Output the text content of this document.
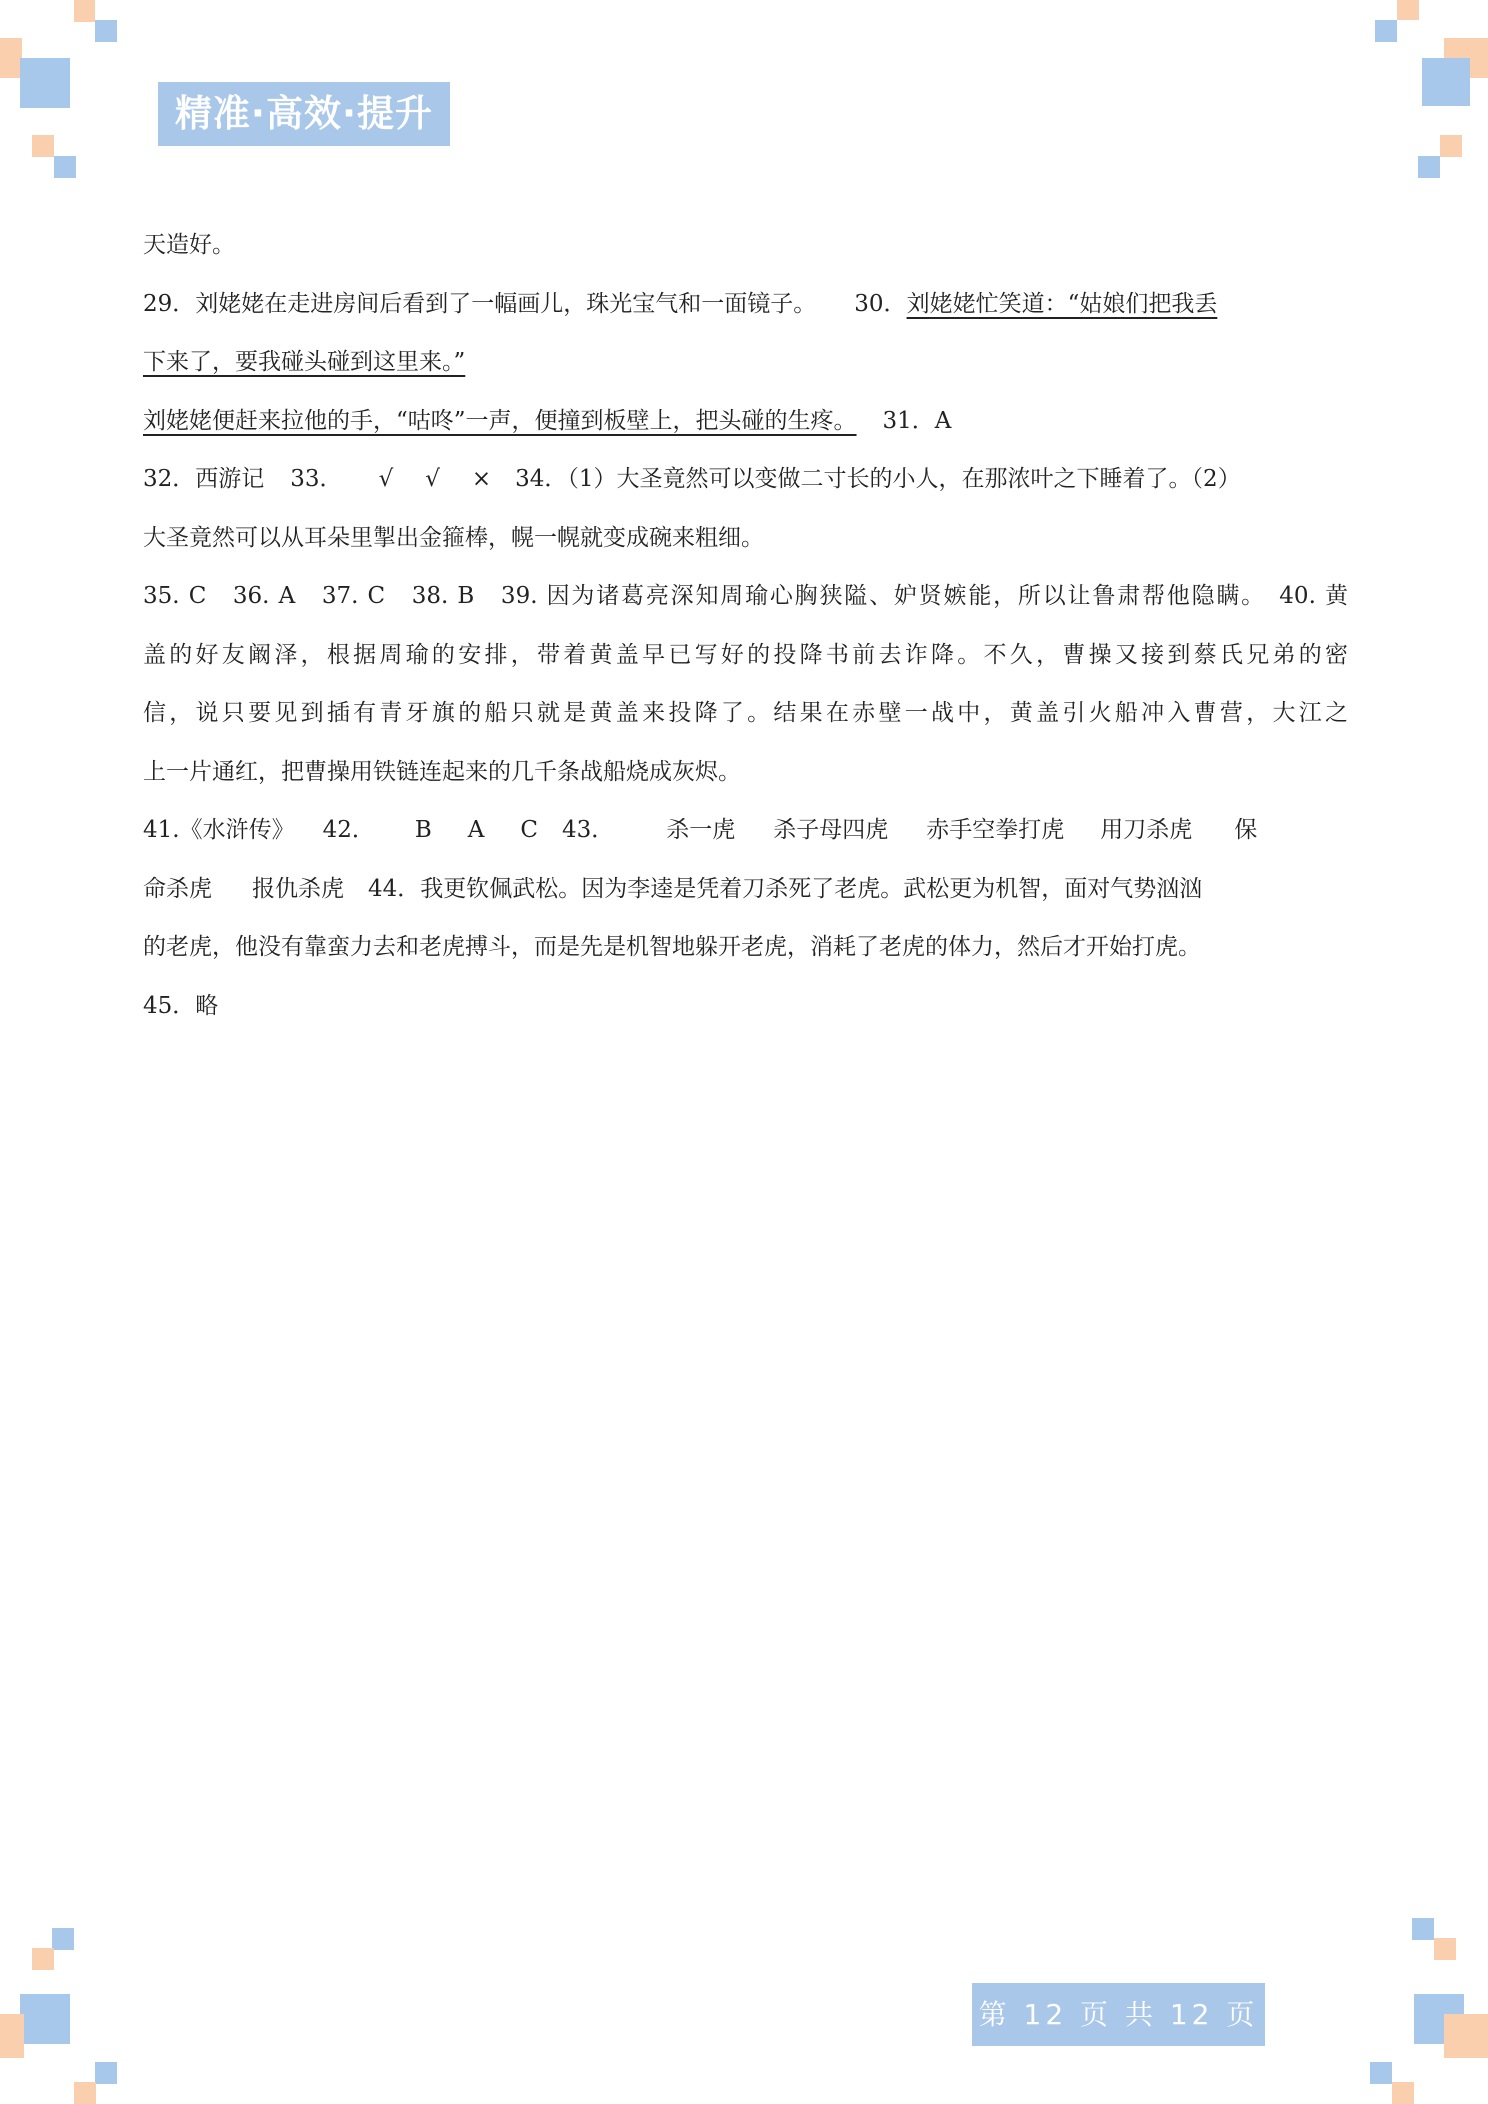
精准·高效·提升
天造好。
29．刘姥姥在走进房间后看到了一幅画儿，珠光宝气和一面镜子。 30．刘姥姥忙笑道：“姑娘们把我丢
下来了，要我碰头碰到这里来。”
刘姥姥便赶来拉他的手，“咕咚”一声，便撞到板壁上，把头碰的生疼。 31．A
32．西游记 33． √ √ × 34．（1）大圣竟然可以变做二寸长的小人，在那浓叶之下睡着了。（2）
大圣竟然可以从耳朵里掣出金箍棒，幌一幌就变成碗来粗细。
35. C　36. A　37. C　38. B　39. 因为诸葛亮深知周瑜心胸狭隘、妒贤嫉能，所以让鲁肃帮他隐瞒。　40. 黄
盖的好友阚泽，根据周瑜的安排，带着黄盖早已写好的投降书前去诈降。不久，曹操又接到蔡氏兄弟的密
信，说只要见到插有青牙旗的船只就是黄盖来投降了。结果在赤壁一战中，黄盖引火船冲入曹营，大江之
上一片通红，把曹操用铁链连起来的几千条战船烧成灰烬。
41.《水浒传》 42． B A C 43． 杀一虎 杀子母四虎 赤手空拳打虎 用刀杀虎 保
命杀虎 报仇杀虎 44．我更钦佩武松。因为李逵是凭着刀杀死了老虎。武松更为机智，面对气势汹汹
的老虎，他没有靠蛮力去和老虎搏斗，而是先是机智地躲开老虎，消耗了老虎的体力，然后才开始打虎。
45．略
第 12 页 共 12 页
